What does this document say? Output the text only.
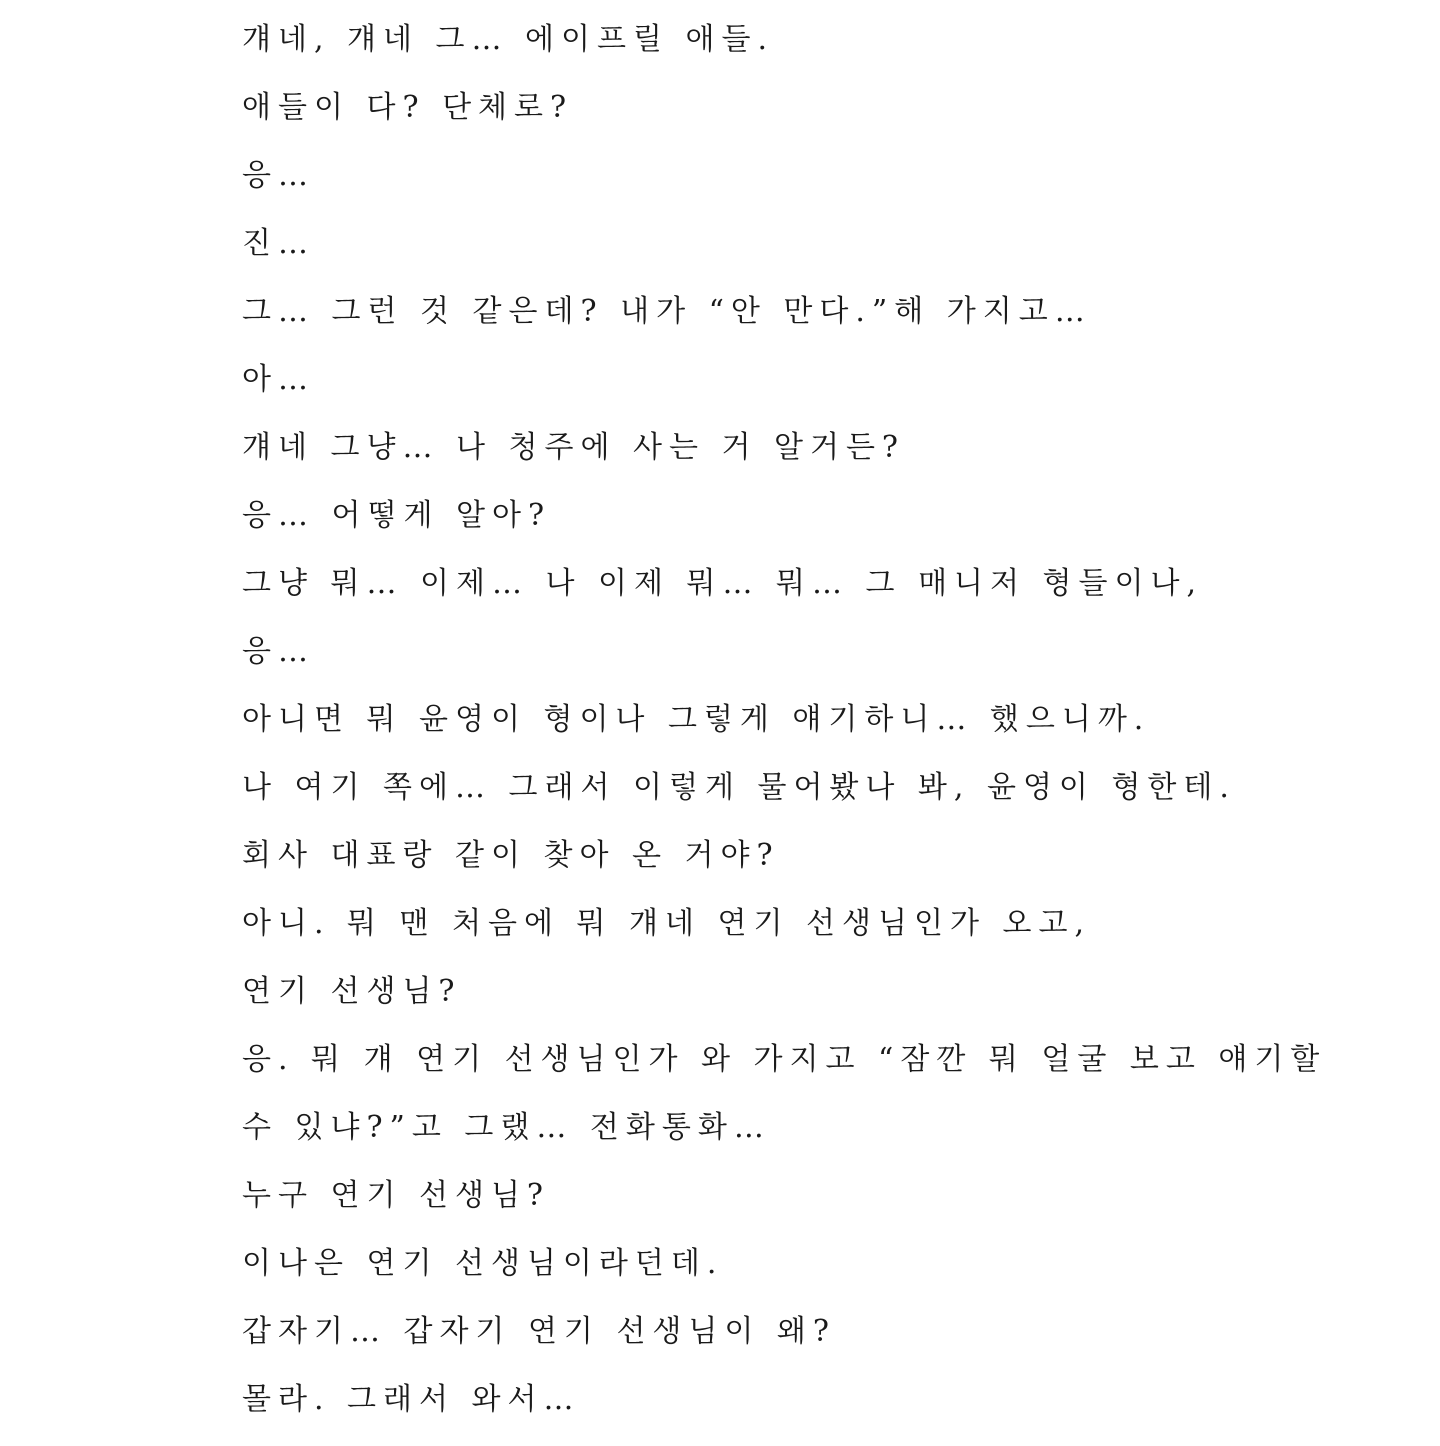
걔네, 걔네 그… 에이프릴 애들.
애들이 다? 단체로?
응…
진…
그… 그런 것 같은데? 내가 “안 만다.”해 가지고…
아…
걔네 그냥… 나 청주에 사는 거 알거든?
응… 어떻게 알아?
그냥 뭐… 이제… 나 이제 뭐… 뭐… 그 매니저 형들이나,
응…
아니면 뭐 윤영이 형이나 그렇게 얘기하니… 했으니까.
나 여기 쪽에… 그래서 이렇게 물어봤나 봐, 윤영이 형한테.
회사 대표랑 같이 찾아 온 거야?
아니. 뭐 맨 처음에 뭐 걔네 연기 선생님인가 오고,
연기 선생님?
응. 뭐 걔 연기 선생님인가 와 가지고 “잠깐 뭐 얼굴 보고 얘기할
수 있냐?”고 그랬… 전화통화…
누구 연기 선생님?
이나은 연기 선생님이라던데.
갑자기… 갑자기 연기 선생님이 왜?
몰라. 그래서 와서…
